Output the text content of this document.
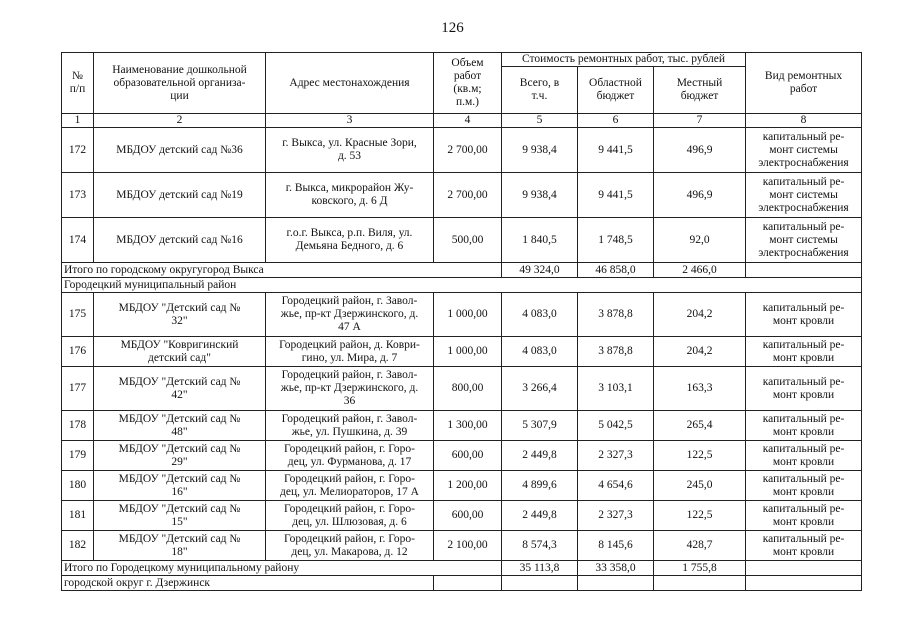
126
№
п/п	Наименование дошкольной
образовательной организа-
ции	Адрес местонахождения	Объем
работ
(кв.м;
п.м.)	Стоимость ремонтных работ, тыс. рублей			Вид ремонтных
работ
				Всего, в
т.ч.	Областной
бюджет	Местный
бюджет	
1	2	3	4	5	6	7	8
172	МБДОУ детский сад №36	г. Выкса, ул. Красные Зори,
д. 53	2 700,00	9 938,4	9 441,5	496,9	капитальный ре-
монт системы
электроснабжения
173	МБДОУ детский сад №19	г. Выкса, микрорайон Жу-
ковского, д. 6 Д	2 700,00	9 938,4	9 441,5	496,9	капитальный ре-
монт системы
электроснабжения
174	МБДОУ детский сад №16	г.о.г. Выкса, р.п. Виля, ул.
Демьяна Бедного, д. 6	500,00	1 840,5	1 748,5	92,0	капитальный ре-
монт системы
электроснабжения
Итого по городскому округугород Выкса				49 324,0	46 858,0	2 466,0	
Городецкий муниципальный район							
175	МБДОУ "Детский сад №
32"	Городецкий район, г. Завол-
жье, пр-кт Дзержинского, д.
47 А	1 000,00	4 083,0	3 878,8	204,2	капитальный ре-
монт кровли
176	МБДОУ "Ковригинский
детский сад"	Городецкий район, д. Коври-
гино, ул. Мира, д. 7	1 000,00	4 083,0	3 878,8	204,2	капитальный ре-
монт кровли
177	МБДОУ "Детский сад №
42"	Городецкий район, г. Завол-
жье, пр-кт Дзержинского, д.
36	800,00	3 266,4	3 103,1	163,3	капитальный ре-
монт кровли
178	МБДОУ "Детский сад №
48"	Городецкий район, г. Завол-
жье, ул. Пушкина, д. 39	1 300,00	5 307,9	5 042,5	265,4	капитальный ре-
монт кровли
179	МБДОУ "Детский сад №
29"	Городецкий район, г. Горо-
дец, ул. Фурманова, д. 17	600,00	2 449,8	2 327,3	122,5	капитальный ре-
монт кровли
180	МБДОУ "Детский сад №
16"	Городецкий район, г. Горо-
дец, ул. Мелиораторов, 17 А	1 200,00	4 899,6	4 654,6	245,0	капитальный ре-
монт кровли
181	МБДОУ "Детский сад №
15"	Городецкий район, г. Горо-
дец, ул. Шлюзовая, д. 6	600,00	2 449,8	2 327,3	122,5	капитальный ре-
монт кровли
182	МБДОУ "Детский сад №
18"	Городецкий район, г. Горо-
дец, ул. Макарова, д. 12	2 100,00	8 574,3	8 145,6	428,7	капитальный ре-
монт кровли
Итого по Городецкому муниципальному району				35 113,8	33 358,0	1 755,8	
городской округ г. Дзержинск							
